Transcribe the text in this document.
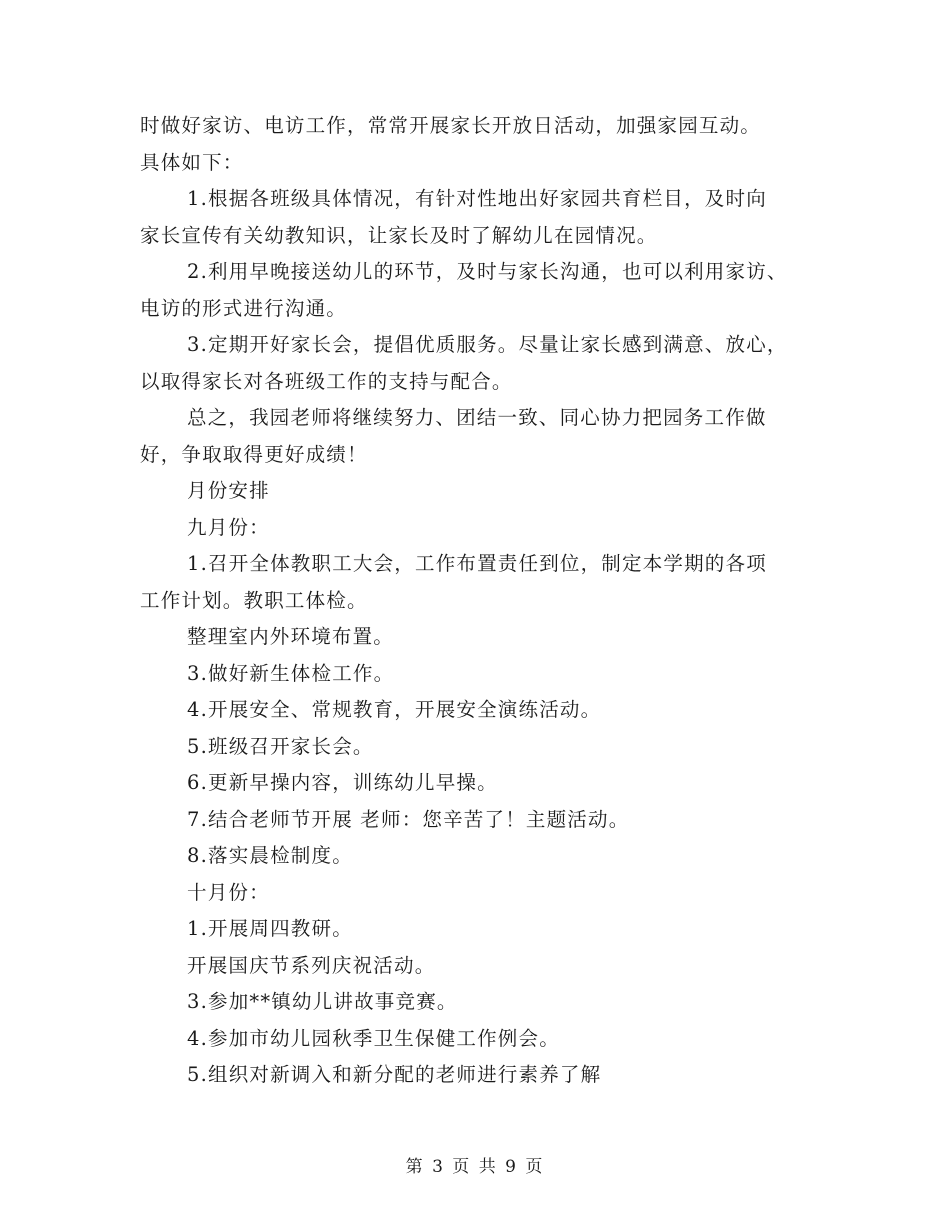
时做好家访、电访工作，常常开展家长开放日活动，加强家园互动。
具体如下：
1.根据各班级具体情况，有针对性地出好家园共育栏目，及时向
家长宣传有关幼教知识，让家长及时了解幼儿在园情况。
2.利用早晚接送幼儿的环节，及时与家长沟通，也可以利用家访、
电访的形式进行沟通。
3.定期开好家长会，提倡优质服务。尽量让家长感到满意、放心，
以取得家长对各班级工作的支持与配合。
总之，我园老师将继续努力、团结一致、同心协力把园务工作做
好，争取取得更好成绩！
月份安排
九月份：
1.召开全体教职工大会，工作布置责任到位，制定本学期的各项
工作计划。教职工体检。
整理室内外环境布置。
3.做好新生体检工作。
4.开展安全、常规教育，开展安全演练活动。
5.班级召开家长会。
6.更新早操内容，训练幼儿早操。
7.结合老师节开展 老师：您辛苦了！主题活动。
8.落实晨检制度。
十月份：
1.开展周四教研。
开展国庆节系列庆祝活动。
3.参加**镇幼儿讲故事竞赛。
4.参加市幼儿园秋季卫生保健工作例会。
5.组织对新调入和新分配的老师进行素养了解
第 3 页 共 9 页
